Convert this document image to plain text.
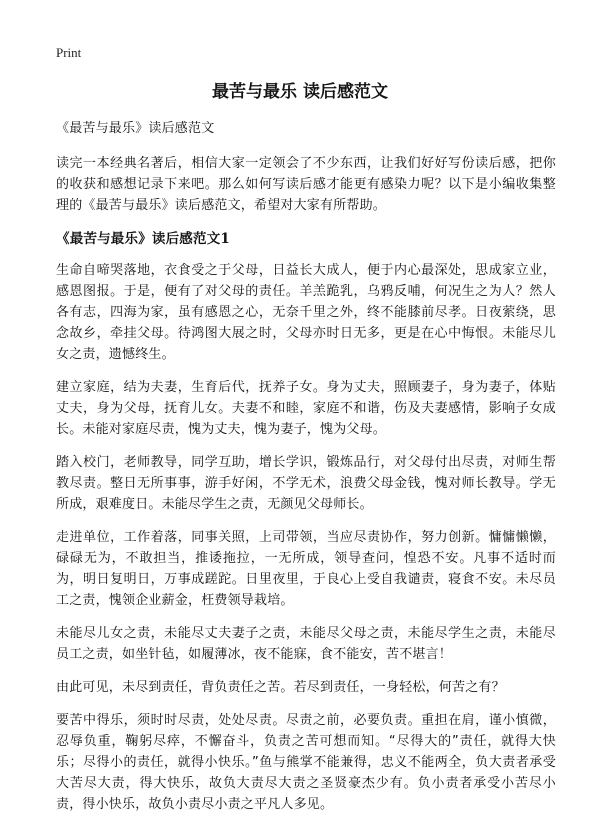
Print
最苦与最乐 读后感范文

《最苦与最乐》读后感范文

读完一本经典名著后，相信大家一定领会了不少东西，让我们好好写份读后感，把你的收获和感想记录下来吧。那么如何写读后感才能更有感染力呢？以下是小编收集整理的《最苦与最乐》读后感范文，希望对大家有所帮助。

《最苦与最乐》读后感范文1

生命自啼哭落地，衣食受之于父母，日益长大成人，便于内心最深处，思成家立业，感恩图报。于是，便有了对父母的责任。羊羔跪乳，乌鸦反哺，何况生之为人？然人各有志，四海为家，虽有感恩之心，无奈千里之外，终不能膝前尽孝。日夜萦绕，思念故乡，牵挂父母。待鸿图大展之时，父母亦时日无多，更是在心中悔恨。未能尽儿女之责，遗憾终生。

建立家庭，结为夫妻，生育后代，抚养子女。身为丈夫，照顾妻子，身为妻子，体贴丈夫，身为父母，抚育儿女。夫妻不和睦，家庭不和谐，伤及夫妻感情，影响子女成长。未能对家庭尽责，愧为丈夫，愧为妻子，愧为父母。

踏入校门，老师教导，同学互助，增长学识，锻炼品行，对父母付出尽责，对师生帮教尽责。整日无所事事，游手好闲，不学无术，浪费父母金钱，愧对师长教导。学无所成，艰难度日。未能尽学生之责，无颜见父母师长。

走进单位，工作着落，同事关照，上司带领，当应尽责协作，努力创新。慵慵懒懒，碌碌无为，不敢担当，推诿拖拉，一无所成，领导查问，惶恐不安。凡事不适时而为，明日复明日，万事成蹉跎。日里夜里，于良心上受自我谴责，寝食不安。未尽员工之责，愧领企业薪金，枉费领导栽培。

未能尽儿女之责，未能尽丈夫妻子之责，未能尽父母之责，未能尽学生之责，未能尽员工之责，如坐针毡，如履薄冰，夜不能寐，食不能安，苦不堪言！

由此可见，未尽到责任，背负责任之苦。若尽到责任，一身轻松，何苦之有？

要苦中得乐，须时时尽责，处处尽责。尽责之前，必要负责。重担在肩，谨小慎微，忍辱负重，鞠躬尽瘁，不懈奋斗，负责之苦可想而知。“尽得大的”责任，就得大快乐；尽得小的责任，就得小快乐。”鱼与熊掌不能兼得，忠义不能两全，负大责者承受大苦尽大责，得大快乐，故负大责尽大责之圣贤豪杰少有。负小责者承受小苦尽小责，得小快乐，故负小责尽小责之平凡人多见。
